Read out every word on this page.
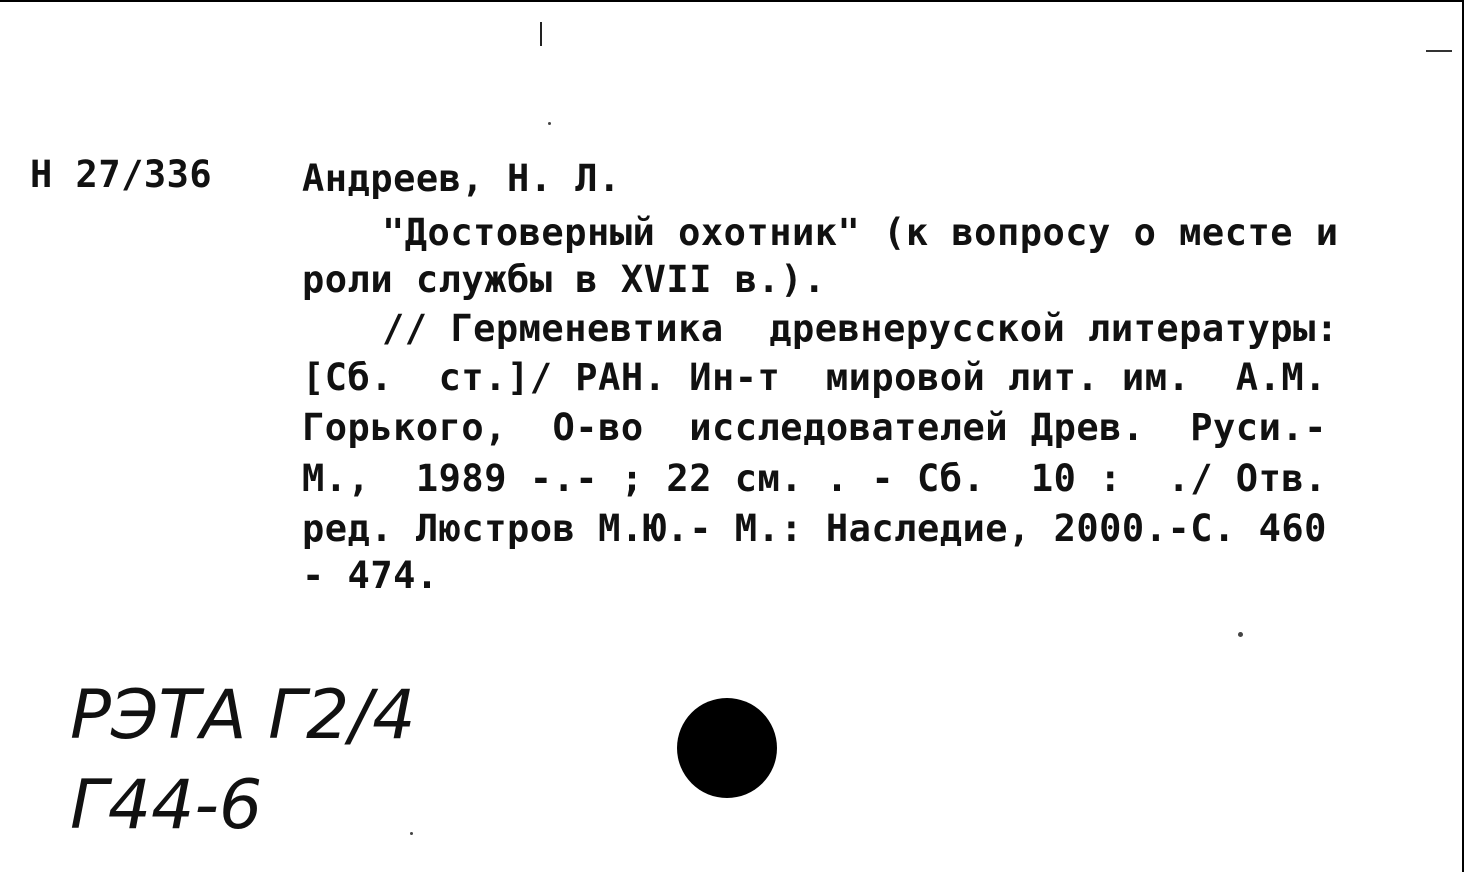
Н 27/336 Андреев, Н. Л.
"Достоверный охотник" (к вопросу о месте и
роли службы в XVII в.).
// Герменевтика  древнерусской литературы:
[Сб.  ст.]/ РАН. Ин-т  мировой лит. им.  А.М.
Горького,  О-во  исследователей Древ.  Руси.-
М.,  1989 -.- ; 22 см. . - Сб.  10 :  ./ Отв.
ред. Люстров М.Ю.- М.: Наследие, 2000.-С. 460
- 474.
РЭТА Г2/4
Г44-6
